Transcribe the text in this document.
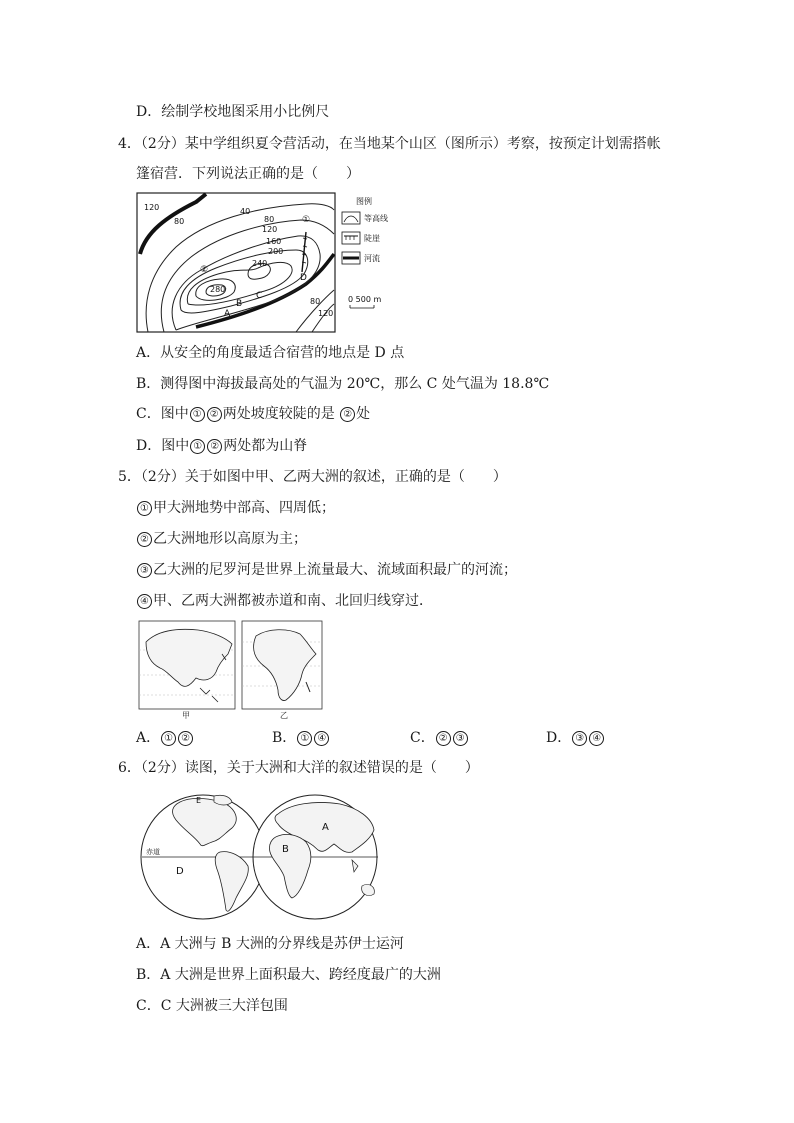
D．绘制学校地图采用小比例尺
4．（2分）某中学组织夏令营活动，在当地某个山区（图所示）考察，按预定计划需搭帐
篷宿营．下列说法正确的是（　　）
120
80
40
80
120
160
200
240
280
80
120
①
②
A
B
C
D
图例
等高线
陡崖
河流
0 500 m
A．从安全的角度最适合宿营的地点是 D 点
B．测得图中海拔最高处的气温为 20℃，那么 C 处气温为 18.8℃
C．图中 ① ② 两处坡度较陡的是 ② 处
D．图中 ① ② 两处都为山脊
5．（2分）关于如图中甲、乙两大洲的叙述，正确的是（　　）
① 甲大洲地势中部高、四周低；
② 乙大洲地形以高原为主；
③ 乙大洲的尼罗河是世界上流量最大、流域面积最广的河流；
④ 甲、乙两大洲都被赤道和南、北回归线穿过．
甲	乙
A． ① ②	B． ① ④	C． ② ③	D． ③ ④
6．（2分）读图，关于大洲和大洋的叙述错误的是（　　）
赤道
E
D
A
B
A．A 大洲与 B 大洲的分界线是苏伊士运河
B．A 大洲是世界上面积最大、跨经度最广的大洲
C．C 大洲被三大洋包围
